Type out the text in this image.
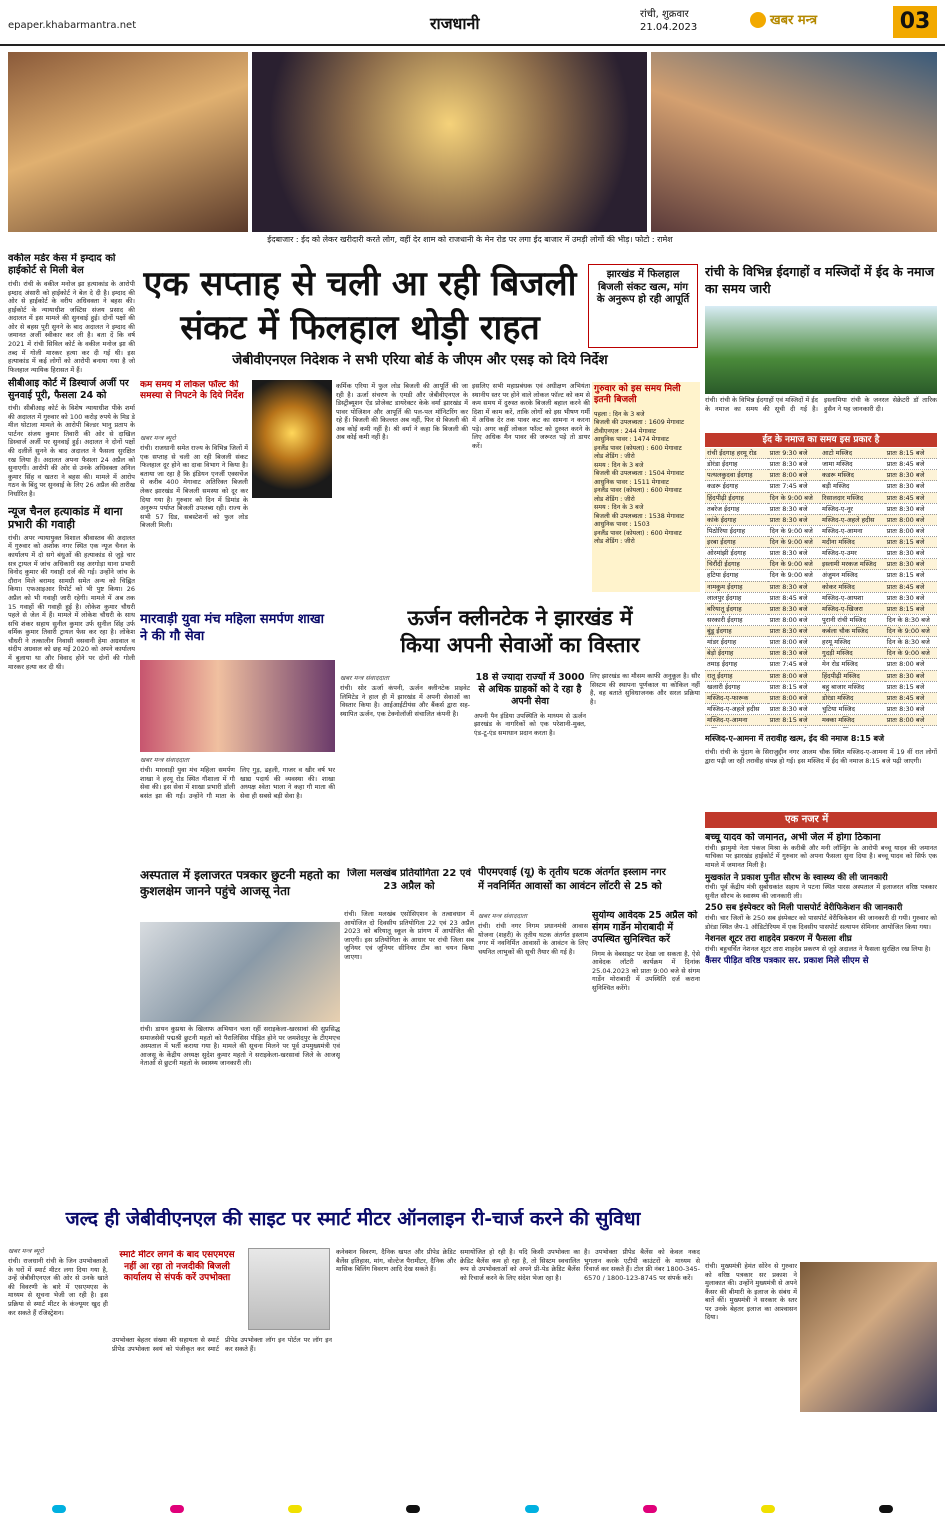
epaper.khabarmantra.net	राजधानी	रांची, शुक्रवार
21.04.2023	खबर मन्त्र	03
ईदबाजार : ईद को लेकर खरीदारी करते लोग, वहीं देर शाम को राजधानी के मेन रोड पर लगा ईद बाजार में उमड़ी लोगों की भीड़। फोटो : रामेश
वकील मर्डर केस में इम्दाद को हाईकोर्ट से मिली बेल
रांची। रांची के वकील मनोज झा हत्याकांड के आरोपी इम्दाद अंसारी को हाईकोर्ट ने बेल दे दी है। इम्दाद की ओर से हाईकोर्ट के वरीय अधिवक्ता ने बहस की। हाईकोर्ट के न्यायाधीश जस्टिस संजय प्रसाद की अदालत में इस मामले की सुनवाई हुई। दोनों पक्षों की ओर से बहस पूरी सुनने के बाद अदालत ने इम्दाद की जमानत अर्जी स्वीकार कर ली है। बता दें कि वर्ष 2021 में रांची सिविल कोर्ट के वकील मनोज झा की तब्द में गोली मारकर हत्या कर दी गई थी। इस हत्याकांड में कई लोगों को आरोपी बनाया गया है जो फिलहाल न्यायिक हिरासत में हैं।
सीबीआइ कोर्ट में डिस्चार्ज अर्जी पर सुनवाई पूरी, फैसला 24 को
रांची। सीबीआइ कोर्ट के विशेष न्यायाधीश पीके शर्मा की अदालत में गुरुवार को 100 करोड़ रुपये के मिड डे मील घोटाला मामले के आरोपी बिल्डर भानु प्रताप के पार्टनर संजय कुमार तिवारी की ओर से दाखिल डिस्चार्ज अर्जी पर सुनवाई हुई। अदालत ने दोनों पक्षों की दलीलें सुनने के बाद अदालत ने फैसला सुरक्षित रख लिया है। अदालत अपना फैसला 24 अप्रैल को सुनाएगी। आरोपी की ओर से उनके अधिवक्ता अनिल कुमार सिंह व खतरा ने बहस की। मामले में आरोप गठन के बिंदु पर सुनवाई के लिए 26 अप्रैल की तारीख निर्धारित है।
न्यूज चैनल हत्याकांड में थाना प्रभारी की गवाही
रांची। अपर न्यायायुक्त विशाल श्रीवास्तव की अदालत में गुरुवार को अशोक नगर स्थित एक न्यूज चैनल के कार्यालय में दो सगे बंधुओं की हत्याकांड से जुड़े चार सत्र ट्रायल में जांच अधिकारी सह अरगोड़ा थाना प्रभारी विनोद कुमार की गवाही दर्ज की गई। उन्होंने जांच के दौरान मिले बरामद सामग्री समेत अन्य को चिह्नित किया। एफआइआर रिपोर्ट को भी पुष्ट किया। 26 अप्रैल को भी गवाही जारी रहेगी। मामले में अब तक 15 गवाहों की गवाही हुई है। लोकेश कुमार चौधरी पहले से जेल में हैं। मामले में लोकेश चौधरी के साथ सचि शंकर सहाय सुनील कुमार उर्फ सुनील सिंह उर्फ वर्मिक कुमार तिवारी ट्रायल फेस कर रहा है। लोकेश चौधरी ने तत्कालीन निवासी वसवानी हेमा अग्रवाल व संदीप अग्रवाल को छह मई 2020 को अपने कार्यालय में बुलाया था और विवाद होने पर दोनों की गोली मारकर हत्या कर दी थी।
एक सप्ताह से चली आ रही बिजली
संकट में फिलहाल थोड़ी राहत
झारखंड में फिलहाल बिजली संकट खत्म, मांग के अनुरूप हो रही आपूर्ति
जेबीवीएनएल निदेशक ने सभी एरिया बोर्ड के जीएम और एसइ को दिये निर्देश
कम समय में लोकल फॉल्ट की समस्या से निपटने के दिये निर्देश
खबर मन्त्र ब्यूरो
रांची। राजधानी समेत राज्य के विभिन्न जिलों में एक सप्ताह से चली आ रही बिजली संकट फिलहाल दूर होने का दावा विभाग ने किया है। बताया जा रहा है कि इंडियन एनर्जी एक्सचेंज से करीब 400 मेगावाट अतिरिक्त बिजली लेकर झारखंड में बिजली समस्या को दूर कर दिया गया है। गुरुवार को दिन में डिमांड के अनुरूप पर्याप्त बिजली उपलब्ध रही। राज्य के सभी 57 ग्रिड, सबस्टेशनों को फुल लोड बिजली मिली।
कर्मिक एरिया में फुल लोड बिजली की आपूर्ति की जा रही है। ऊर्जा संचरण के एमडी और जेबीवीएनएल के डिस्ट्रीब्यूशन ऐंड प्रोजेक्ट डायरेक्टर केके वर्मा झारखंड में पावर पोजिशन और आपूर्ति की पल-पल मॉनिटरिंग कर रहे हैं। बिजली की किल्लत अब नहीं, फिर से बिजली की अब कोई कमी नहीं है। श्री वर्मा ने कहा कि बिजली की अब कोई कमी नहीं है।
इसलिए सभी महाप्रबंधक एवं अधीक्षण अभियंता स्थानीय स्तर पर होने वाले लोकल फॉल्ट को कम से कम समय में दुरुस्त करके बिजली बहाल करने की दिशा में काम करें, ताकि लोगों को इस भीषण गर्मी में अधिक देर तक पावर कट का सामना न करना पड़े। अगर कहीं लोकल फॉल्ट को दुरुस्त करने के लिए अधिक मैन पावर की जरूरत पड़े तो डायर करें।
गुरुवार को इस समय मिली इतनी बिजली
पहला : दिन के 3 बजे
बिजली की उपलब्धता : 1609 मेगावाट
टीवीएनएल : 244 मेगावाट
आधुनिक पावर : 1474 मेगावाट
इनलैंड पावर (कोयला) : 600 मेगावाट
लोड शेडिंग : जीरो
समय : दिन के 3 बजे
बिजली की उपलब्धता : 1504 मेगावाट
आधुनिक पावर : 1511 मेगावाट
इनलैंड पावर (कोयला) : 600 मेगावाट
लोड शेडिंग : जीरो
समय : दिन के 3 बजे
बिजली की उपलब्धता : 1538 मेगावाट
आधुनिक पावर : 1503
इनलैंड पावर (कोयला) : 600 मेगावाट
लोड शेडिंग : जीरो
मारवाड़ी युवा मंच महिला समर्पण शाखा ने की गौ सेवा
खबर मन्त्र संवाददाता
रांची। मारवाड़ी युवा मंच महिला समर्पण शाखा ने हरमू रोड स्थित गौशाला में गौ सेवा की। इस सेवा में शाखा प्रभारी डॉली बसंत झा की गईं। उन्होंने गौ माता के लिए गुड़, ढहली, गाजर व खीर वर्ष भर खाद्य पदार्थ की व्यवस्था की। शाखा अध्यक्ष श्वेता भाला ने कहा गौ माता की सेवा ही सबसे बड़ी सेवा है।
ऊर्जन क्लीनटेक ने झारखंड में
किया अपनी सेवाओं का विस्तार
खबर मन्त्र संवाददाता
रांची। सोर ऊर्जा कंपनी, ऊर्जन क्लीनटेक प्राइवेट लिमिटेड ने हाल ही में झारखंड में अपनी सेवाओं का विस्तार किया है। आईआईटीयंस और बैंकर्स द्वारा सह-स्थापित ऊर्जन, एक टेक्नोलॉजी संचालित कंपनी है।
18 से ज्यादा राज्यों में 3000 से अधिक ग्राहकों को दे रहा है अपनी सेवा
अपनी पैन इंडिया उपस्थिति के माध्यम से ऊर्जन झारखंड के नागरिकों को एक परेशानी-मुक्त, एंड-टू-एंड समाधान प्रदान करता है।
लिए झारखंड का मौसम काफी अनुकूल है। सौर सिस्टम की स्थापना पूर्णकाल या कोकिल नहीं है, वह बताते सुविधाजनक और सरल प्रक्रिया है।
अस्पताल में इलाजरत पत्रकार छुटनी महतो का कुशलक्षेम जानने पहुंचे आजसू नेता
रांची। डायन कुप्रथा के खिलाफ अभियान चला रहीं सराइकेला-खरसावां की सुप्रसिद्ध समाजसेवी पद्मश्री छुटनी महतो को पैरालिसिस पीड़ित होने पर जमशेदपुर के टीएमएच अस्पताल में भर्ती कराया गया है। मामले की सूचना मिलने पर पूर्व उपमुख्यमंत्री एवं आजसू के केंद्रीय अध्यक्ष सुदेश कुमार महतो ने सराइकेला-खरसावां जिले के आजसू नेताओं से छुटनी महतो के स्वास्थ्य जानकारी ली।
जिला मलखंब प्रतियोगिता 22 एवं 23 अप्रैल को
रांची। जिला मलखंब एसोसिएशन के तत्वावधान में आयोजित दो दिवसीय प्रतियोगिता 22 एवं 23 अप्रैल 2023 को बरियातू स्कूल के प्रांगण में आयोजित की जाएगी। इस प्रतियोगिता के आधार पर रांची जिला सब जूनियर एवं जूनियर सीनियर टीम का चयन किया जाएगा।
पीएमएवाई (यू) के तृतीय घटक अंतर्गत इस्लाम नगर
में नवनिर्मित आवासों का आवंटन लॉटरी से 25 को
खबर मन्त्र संवाददाता
रांची। रांची नगर निगम प्रधानमंत्री आवास योजना (शहरी) के तृतीय घटक अंतर्गत इस्लाम नगर में नवनिर्मित आवासों के आवंटन के लिए चयनित लाभुकों की सूची तैयार की गई है।
सुयोग्य आवेदक 25 अप्रैल को संगम गार्डेन मोराबादी में उपस्थित सुनिश्चित करें
निगम के वेबसाइट पर देखा जा सकता है, ऐसे आवेदक लॉटरी कार्यक्रम में दिनांक 25.04.2023 को प्रातः 9:00 बजे से संगम गार्डेन मोराबादी में उपस्थिति दर्ज कराना सुनिश्चित करेंगे।
जल्द ही जेबीवीएनएल की साइट पर स्मार्ट मीटर ऑनलाइन री-चार्ज करने की सुविधा
खबर मन्त्र ब्यूरो
रांची। राजधानी रांची के जिन उपभोक्ताओं के घरों में स्मार्ट मीटर लगा दिया गया है, उन्हें जेबीवीएनएल की ओर से उनके खाते की विवरणी के बारे में एसएमएस के माध्यम से सूचना भेजी जा रही है। इस प्रक्रिया से स्मार्ट मीटर के कंज्यूमर खुद ही कर सकते हैं रजिस्ट्रेशन।
स्मार्ट मीटर लगने के बाद एसएमएस नहीं आ रहा तो नजदीकी बिजली कार्यालय से संपर्क करें उपभोक्ता
उपभोक्ता बेहतर संख्या की सहायता से स्मार्ट प्रीपेड उपभोक्ता स्वयं को पंजीकृत कर स्मार्ट प्रीपेड उपभोक्ता लॉग इन पोर्टल पर लॉग इन कर सकते हैं।
कनेक्शन विवरण, दैनिक खपत और प्रीपेड क्रेडिट बैलेंस इतिहास, मांग, वोल्टेज पैरामीटर, दैनिक और मासिक बिलिंग विवरण आदि देख सकते हैं।
समायोजित हो रही है। यदि किसी उपभोक्ता का क्रेडिट बैलेंस कम हो रहा है, तो सिस्टम स्वचालित रूप से उपभोक्ताओं को अपने प्री-पेड क्रेडिट बैलेंस को रिचार्ज करने के लिए संदेश भेजा रहा है।
है। उपभोक्ता प्रीपेड बैलेंस को केवल नकद भुगतान करके एटीपी काउंटरों के माध्यम से रिचार्ज कर सकते हैं। टोल फ्री नंबर 1800-345-6570 / 1800-123-8745 पर संपर्क करें।
रांची के विभिन्न ईदगाहों व मस्जिदों में ईद के नमाज का समय जारी
रांची। रांची के विभिन्न ईदगाहों एवं मस्जिदों में ईद के नमाज का समय की सूची दी गई है। इस्लामिया रांची के जनरल सेक्रेटरी डॉ तारिक हुसैन ने यह जानकारी दी।
ईद के नमाज का समय इस प्रकार है
रांची ईदगाह हरमू रोड	प्रातः 9:30 बजे	आटो मस्जिद	प्रातः 8:15 बजे
डोरंडा ईदगाह	प्रातः 8:30 बजे	जामा मस्जिद	प्रातः 8:45 बजे
पत्थलकुदवा ईदगाह	प्रातः 8:00 बजे	कडरू मस्जिद	प्रातः 8:30 बजे
कडरू ईदगाह	प्रातः 7:45 बजे	बड़ी मस्जिद	प्रातः 8:30 बजे
हिंदपीढ़ी ईदगाह	दिन के 9:00 बजे	रिसालदार मस्जिद	प्रातः 8:45 बजे
तबरेज ईदगाह	प्रातः 8:30 बजे	मस्जिद-ए-नूर	प्रातः 8:30 बजे
कांके ईदगाह	प्रातः 8:30 बजे	मस्जिद-ए-अहले हदीस	प्रातः 8:00 बजे
पिठोरिया ईदगाह	दिन के 9:00 बजे	मस्जिद-ए-आमना	प्रातः 8:00 बजे
इरबा ईदगाह	दिन के 9:00 बजे	मदीना मस्जिद	प्रातः 8:15 बजे
ओरमांझी ईदगाह	प्रातः 8:30 बजे	मस्जिद-ए-उमर	प्रातः 8:30 बजे
चिरौंदी ईदगाह	दिन के 9:00 बजे	इस्लामी मरकज मस्जिद	प्रातः 8:30 बजे
हटिया ईदगाह	दिन के 9:00 बजे	अंजुमन मस्जिद	प्रातः 8:15 बजे
नामकुम ईदगाह	प्रातः 8:30 बजे	कोकर मस्जिद	प्रातः 8:45 बजे
लालपुर ईदगाह	प्रातः 8:45 बजे	मस्जिद-ए-आयशा	प्रातः 8:30 बजे
बरियातू ईदगाह	प्रातः 8:30 बजे	मस्जिद-ए-खिजरा	प्रातः 8:15 बजे
सरकारी ईदगाह	प्रातः 8:00 बजे	पुरानी रांची मस्जिद	दिन के 8:30 बजे
बुंडू ईदगाह	प्रातः 8:30 बजे	कर्बला चौक मस्जिद	दिन के 9:00 बजे
मांडर ईदगाह	प्रातः 8:00 बजे	हरमू मस्जिद	दिन के 8:30 बजे
बेड़ो ईदगाह	प्रातः 8:30 बजे	गुदड़ी मस्जिद	दिन के 9:00 बजे
तमाड़ ईदगाह	प्रातः 7:45 बजे	मेन रोड मस्जिद	प्रातः 8:00 बजे
रातू ईदगाह	प्रातः 8:00 बजे	हिंदपीढ़ी मस्जिद	प्रातः 8:30 बजे
खलारी ईदगाह	प्रातः 8:15 बजे	बहु बाजार मस्जिद	प्रातः 8:15 बजे
मस्जिद-ए-फारूक	प्रातः 8:00 बजे	डोरंडा मस्जिद	प्रातः 8:45 बजे
मस्जिद-ए-अहले हदीस	प्रातः 8:30 बजे	चुटिया मस्जिद	प्रातः 8:30 बजे
मस्जिद-ए-आमना	प्रातः 8:15 बजे	मक्का मस्जिद	प्रातः 8:00 बजे

मस्जिद-ए-आमना में तरावीह खत्म, ईद की नमाज 8:15 बजे
रांची। रांची के पुंदाग के सिराजुद्दीन नगर आलम चौक स्थित मस्जिद-ए-आमना में 19 वीं रात लोगों द्वारा पढ़ी जा रही तरावीह संपन्न हो गई। इस मस्जिद में ईद की नमाज 8:15 बजे पढ़ी जाएगी।
एक नजर में
बच्चू यादव को जमानत, अभी जेल में होगा ठिकाना
रांची। झामुमो नेता पंकज मिश्रा के करीबी और मनी लॉन्ड्रिंग के आरोपी बच्चू यादव की जमानत याचिका पर झारखंड हाईकोर्ट में गुरुवार को अपना फैसला सुना दिया है। बच्चू यादव को सिर्फ एक मामले में जमानत मिली है।
मुखकांत ने प्रकाश पुनीत सौरभ के स्वास्थ्य की ली जानकारी
रांची। पूर्व केंद्रीय मंत्री सुबोधकांत सहाय ने पटना स्थित पारस अस्पताल में इलाजरत वरिष्ठ पत्रकार सुनीत सौरभ के स्वास्थ्य की जानकारी ली।
250 सब इंस्पेक्टर को मिली पासपोर्ट वेरीफिकेशन की जानकारी
रांची। चार जिलों के 250 सब इंस्पेक्टर को पासपोर्ट वेरीफिकेशन की जानकारी दी गयी। गुरुवार को डोरंडा स्थित जैप-1 ऑडिटोरियम में एक दिवसीय पासपोर्ट सत्यापन सेमिनार आयोजित किया गया।
नेशनल शूटर तरा शाहदेव प्रकरण में फैसला शीघ्र
रांची। बहुचर्चित नेशनल शूटर तारा शाहदेव प्रकरण से जुड़े अदालत ने फैसला सुरक्षित रख लिया है।
कैंसर पीड़ित वरिष्ठ पत्रकार सर. प्रकाश मिले सीएम से
रांची। मुख्यमंत्री हेमंत सोरेन से गुरुवार को वरिष्ठ पत्रकार सर प्रकाश ने मुलाकात की। उन्होंने मुख्यमंत्री से अपने कैंसर की बीमारी के इलाज के संबंध में बातें कीं। मुख्यमंत्री ने सरकार के स्तर पर उनके बेहतर इलाज का आश्वासन दिया।
